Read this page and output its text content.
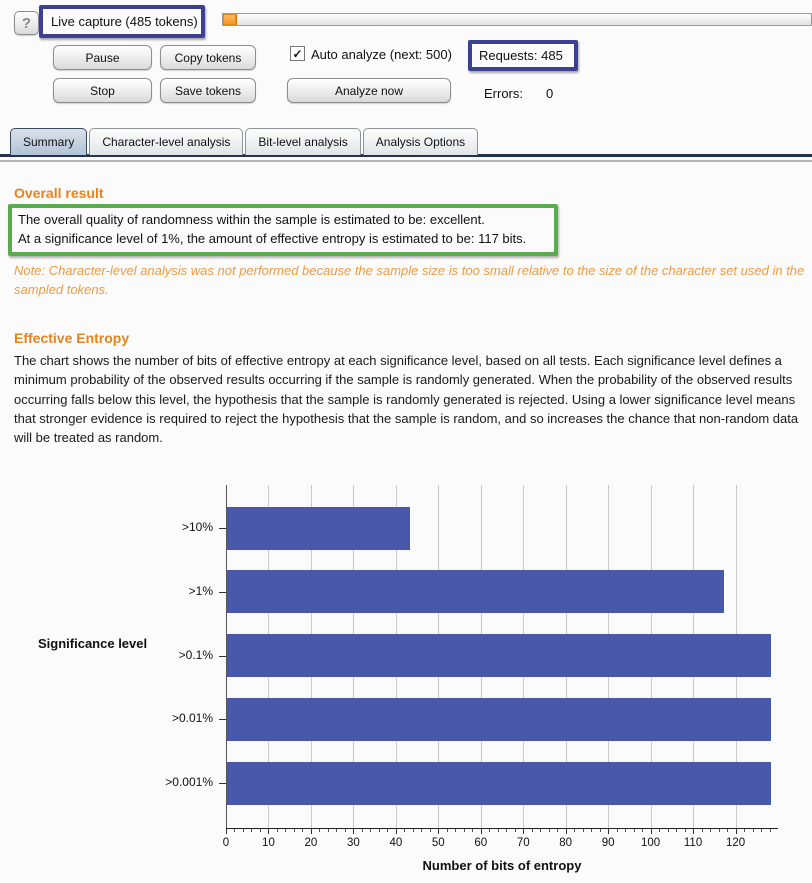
?	Live capture (485 tokens)
Pause	Copy tokens
Stop	Save tokens	Analyze now
✓ Auto analyze (next: 500)	Requests:
485
Errors: 0
Summary	Character-level analysis	Bit-level analysis	Analysis Options
Overall result
The overall quality of randomness within the sample is estimated to be: excellent.
At a significance level of 1%, the amount of effective entropy is estimated to be: 117 bits.
Note: Character-level analysis was not performed because the sample size is too small relative to the size of the character set used in the sampled tokens.
Effective Entropy
The chart shows the number of bits of effective entropy at each significance level, based on all tests. Each significance level defines a minimum probability of the observed results occurring if the sample is randomly generated. When the probability of the observed results occurring falls below this level, the hypothesis that the sample is randomly generated is rejected. Using a lower significance level means that stronger evidence is required to reject the hypothesis that the sample is random, and so increases the chance that non-random data will be treated as random.
Significance level
Number of bits of entropy
>10%
>1%
>0.1%
>0.01%
>0.001%
0	10	20	30	40	50	60	70	80	90	100	110	120
